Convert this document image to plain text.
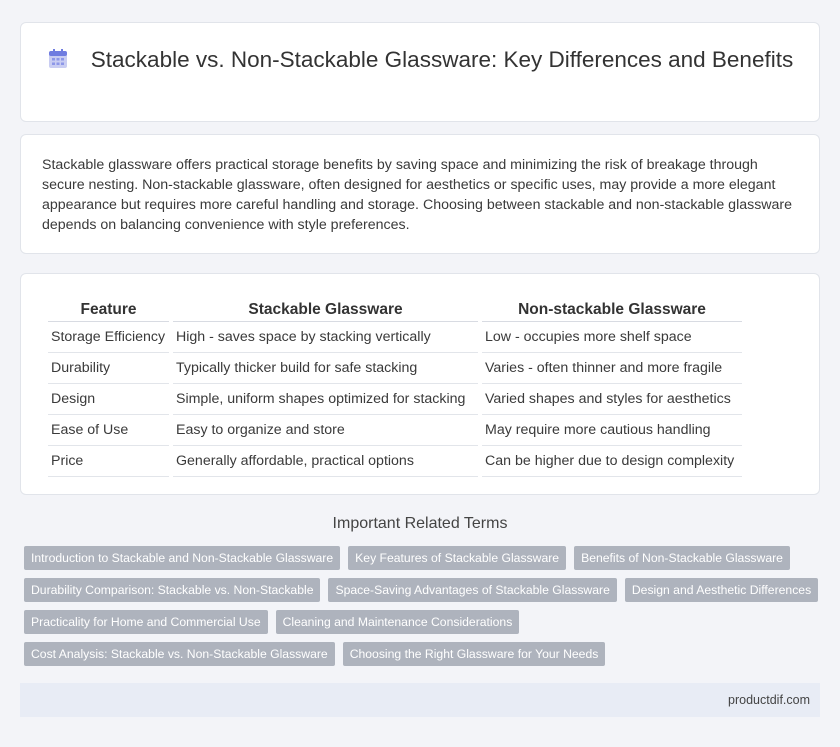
Stackable vs. Non-Stackable Glassware: Key Differences and Benefits

Stackable glassware offers practical storage benefits by saving space and minimizing the risk of breakage through secure nesting. Non-stackable glassware, often designed for aesthetics or specific uses, may provide a more elegant appearance but requires more careful handling and storage. Choosing between stackable and non-stackable glassware depends on balancing convenience with style preferences.

Feature	Stackable Glassware	Non-stackable Glassware
Storage Efficiency	High - saves space by stacking vertically	Low - occupies more shelf space
Durability	Typically thicker build for safe stacking	Varies - often thinner and more fragile
Design	Simple, uniform shapes optimized for stacking	Varied shapes and styles for aesthetics
Ease of Use	Easy to organize and store	May require more cautious handling
Price	Generally affordable, practical options	Can be higher due to design complexity
Important Related Terms
Introduction to Stackable and Non-Stackable Glassware	Key Features of Stackable Glassware	Benefits of Non-Stackable Glassware
Durability Comparison: Stackable vs. Non-Stackable	Space-Saving Advantages of Stackable Glassware	Design and Aesthetic Differences
Practicality for Home and Commercial Use	Cleaning and Maintenance Considerations
Cost Analysis: Stackable vs. Non-Stackable Glassware	Choosing the Right Glassware for Your Needs
productdif.com
